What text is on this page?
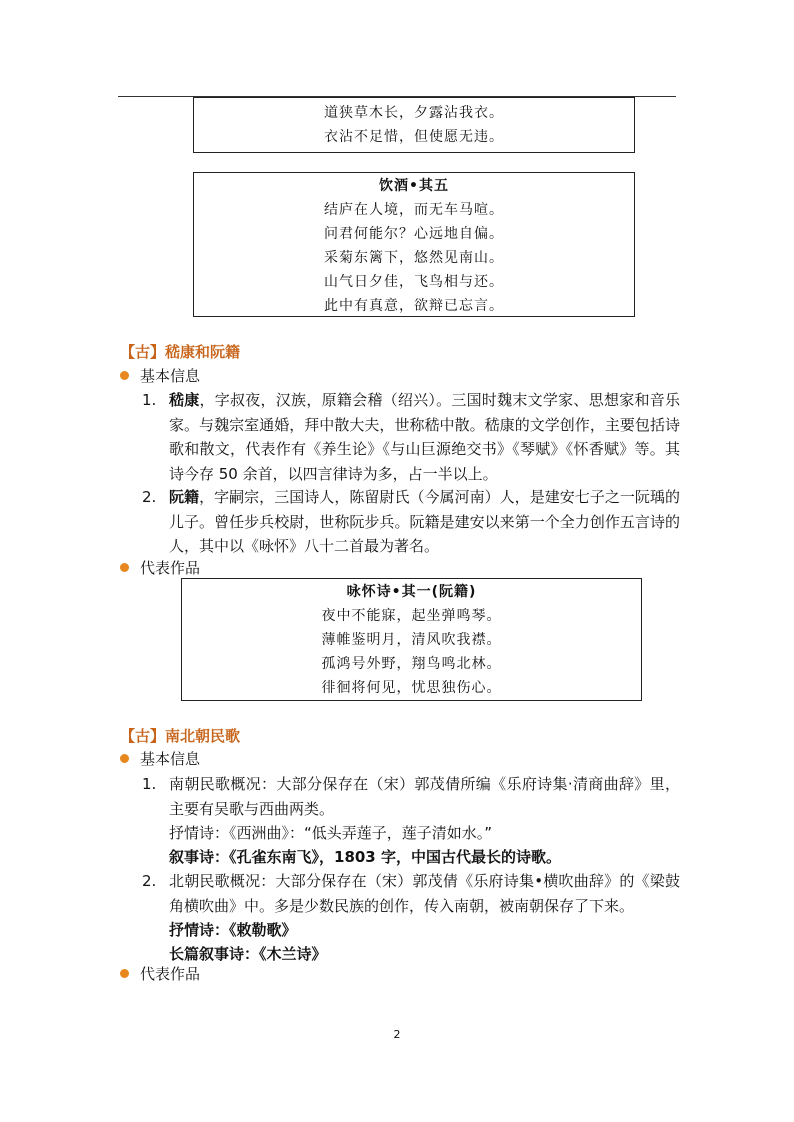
道狭草木长，夕露沾我衣。
衣沾不足惜，但使愿无违。
饮酒•其五
结庐在人境，而无车马喧。
问君何能尔？心远地自偏。
采菊东篱下，悠然见南山。
山气日夕佳，飞鸟相与还。
此中有真意，欲辩已忘言。
【古】嵇康和阮籍
基本信息
1. 嵇康，字叔夜，汉族，原籍会稽（绍兴）。三国时魏末文学家、思想家和音乐家。与魏宗室通婚，拜中散大夫，世称嵇中散。嵇康的文学创作，主要包括诗歌和散文，代表作有《养生论》《与山巨源绝交书》《琴赋》《怀香赋》等。其诗今存 50 余首，以四言律诗为多，占一半以上。
2. 阮籍，字嗣宗，三国诗人，陈留尉氏（今属河南）人，是建安七子之一阮瑀的儿子。曾任步兵校尉，世称阮步兵。阮籍是建安以来第一个全力创作五言诗的人，其中以《咏怀》八十二首最为著名。
代表作品
咏怀诗•其一(阮籍)
夜中不能寐，起坐弹鸣琴。
薄帷鉴明月，清风吹我襟。
孤鸿号外野，翔鸟鸣北林。
徘徊将何见，忧思独伤心。
【古】南北朝民歌
基本信息
1. 南朝民歌概况：大部分保存在（宋）郭茂倩所编《乐府诗集·清商曲辞》里，主要有吴歌与西曲两类。
抒情诗：《西洲曲》：“低头弄莲子，莲子清如水。”
叙事诗：《孔雀东南飞》，1803 字，中国古代最长的诗歌。
2. 北朝民歌概况：大部分保存在（宋）郭茂倩《乐府诗集•横吹曲辞》的《梁鼓角横吹曲》中。多是少数民族的创作，传入南朝，被南朝保存了下来。
抒情诗：《敕勒歌》
长篇叙事诗：《木兰诗》
代表作品
2
